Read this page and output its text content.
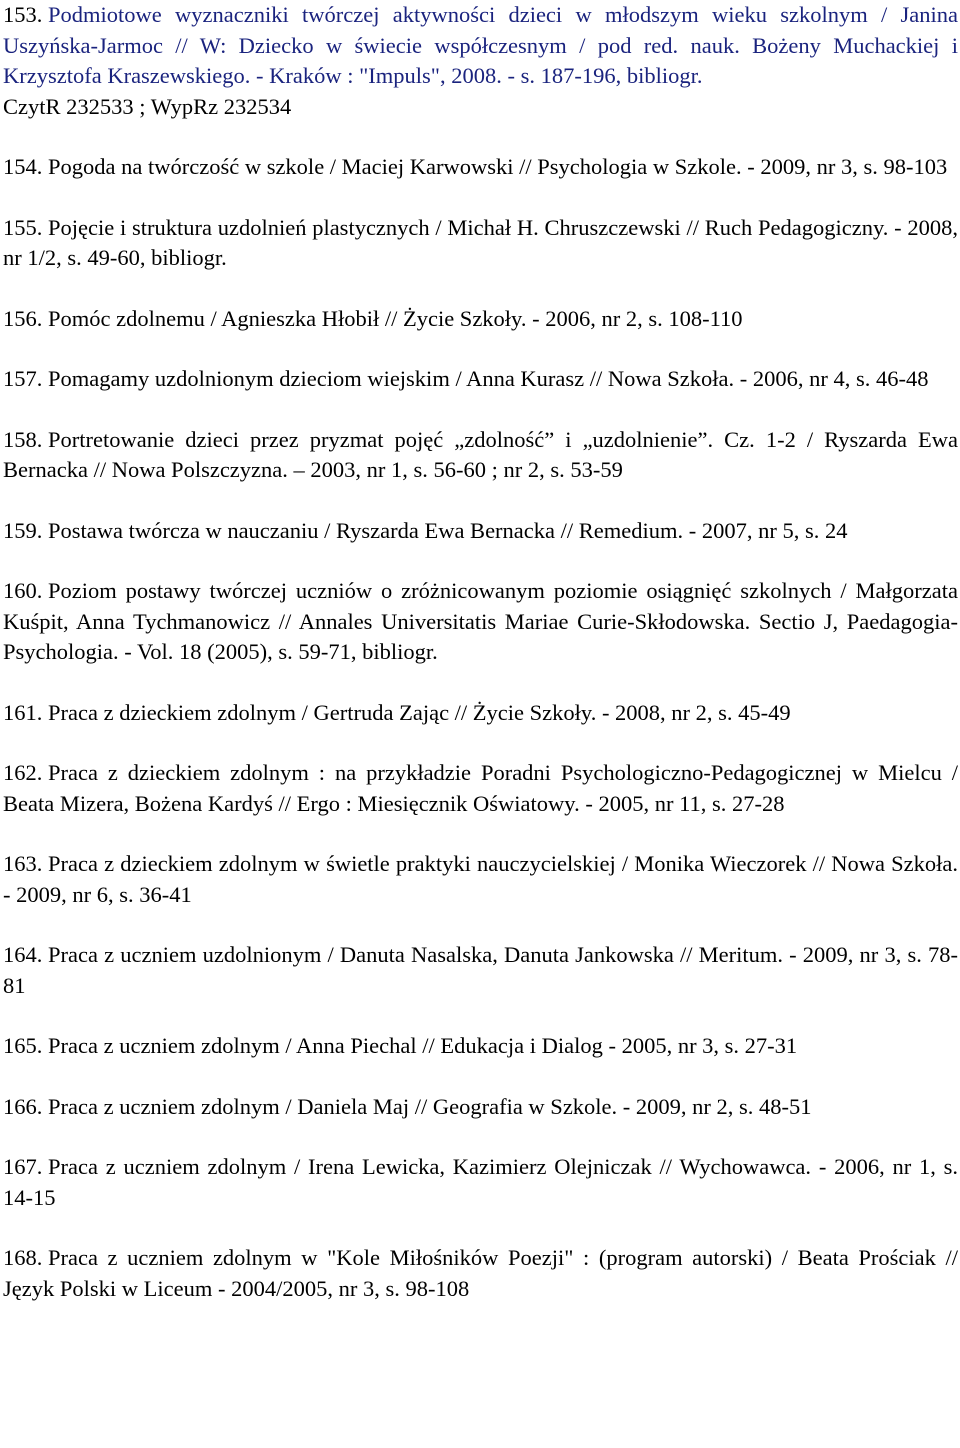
153. Podmiotowe wyznaczniki twórczej aktywności dzieci w młodszym wieku szkolnym / Janina Uszyńska-Jarmoc // W: Dziecko w świecie współczesnym / pod red. nauk. Bożeny Muchackiej i Krzysztofa Kraszewskiego. - Kraków : "Impuls", 2008. - s. 187-196, bibliogr.
CzytR 232533 ; WypRz 232534
154. Pogoda na twórczość w szkole / Maciej Karwowski // Psychologia w Szkole. - 2009, nr 3, s. 98-103
155. Pojęcie i struktura uzdolnień plastycznych / Michał H. Chruszczewski // Ruch Pedagogiczny. - 2008, nr 1/2, s. 49-60, bibliogr.
156. Pomóc zdolnemu / Agnieszka Hłobił // Życie Szkoły. - 2006, nr 2, s. 108-110
157. Pomagamy uzdolnionym dzieciom wiejskim / Anna Kurasz // Nowa Szkoła. - 2006, nr 4, s. 46-48
158. Portretowanie dzieci przez pryzmat pojęć „zdolność” i „uzdolnienie”. Cz. 1-2 / Ryszarda Ewa Bernacka // Nowa Polszczyzna. – 2003, nr 1, s. 56-60 ; nr 2, s. 53-59
159. Postawa twórcza w nauczaniu / Ryszarda Ewa Bernacka // Remedium. - 2007, nr 5, s. 24
160. Poziom postawy twórczej uczniów o zróżnicowanym poziomie osiągnięć szkolnych / Małgorzata Kuśpit, Anna Tychmanowicz // Annales Universitatis Mariae Curie-Skłodowska. Sectio J, Paedagogia-Psychologia. - Vol. 18 (2005), s. 59-71, bibliogr.
161. Praca z dzieckiem zdolnym / Gertruda Zając // Życie Szkoły. - 2008, nr 2, s. 45-49
162. Praca z dzieckiem zdolnym : na przykładzie Poradni Psychologiczno-Pedagogicznej w Mielcu / Beata Mizera, Bożena Kardyś // Ergo : Miesięcznik Oświatowy. - 2005, nr 11, s. 27-28
163. Praca z dzieckiem zdolnym w świetle praktyki nauczycielskiej / Monika Wieczorek // Nowa Szkoła. - 2009, nr 6, s. 36-41
164. Praca z uczniem uzdolnionym / Danuta Nasalska, Danuta Jankowska // Meritum. - 2009, nr 3, s. 78-81
165. Praca z uczniem zdolnym / Anna Piechal // Edukacja i Dialog - 2005, nr 3, s. 27-31
166. Praca z uczniem zdolnym / Daniela Maj // Geografia w Szkole. - 2009, nr 2, s. 48-51
167. Praca z uczniem zdolnym / Irena Lewicka, Kazimierz Olejniczak // Wychowawca. - 2006, nr 1, s. 14-15
168. Praca z uczniem zdolnym w "Kole Miłośników Poezji" : (program autorski) / Beata Prościak // Język Polski w Liceum - 2004/2005, nr 3, s. 98-108
